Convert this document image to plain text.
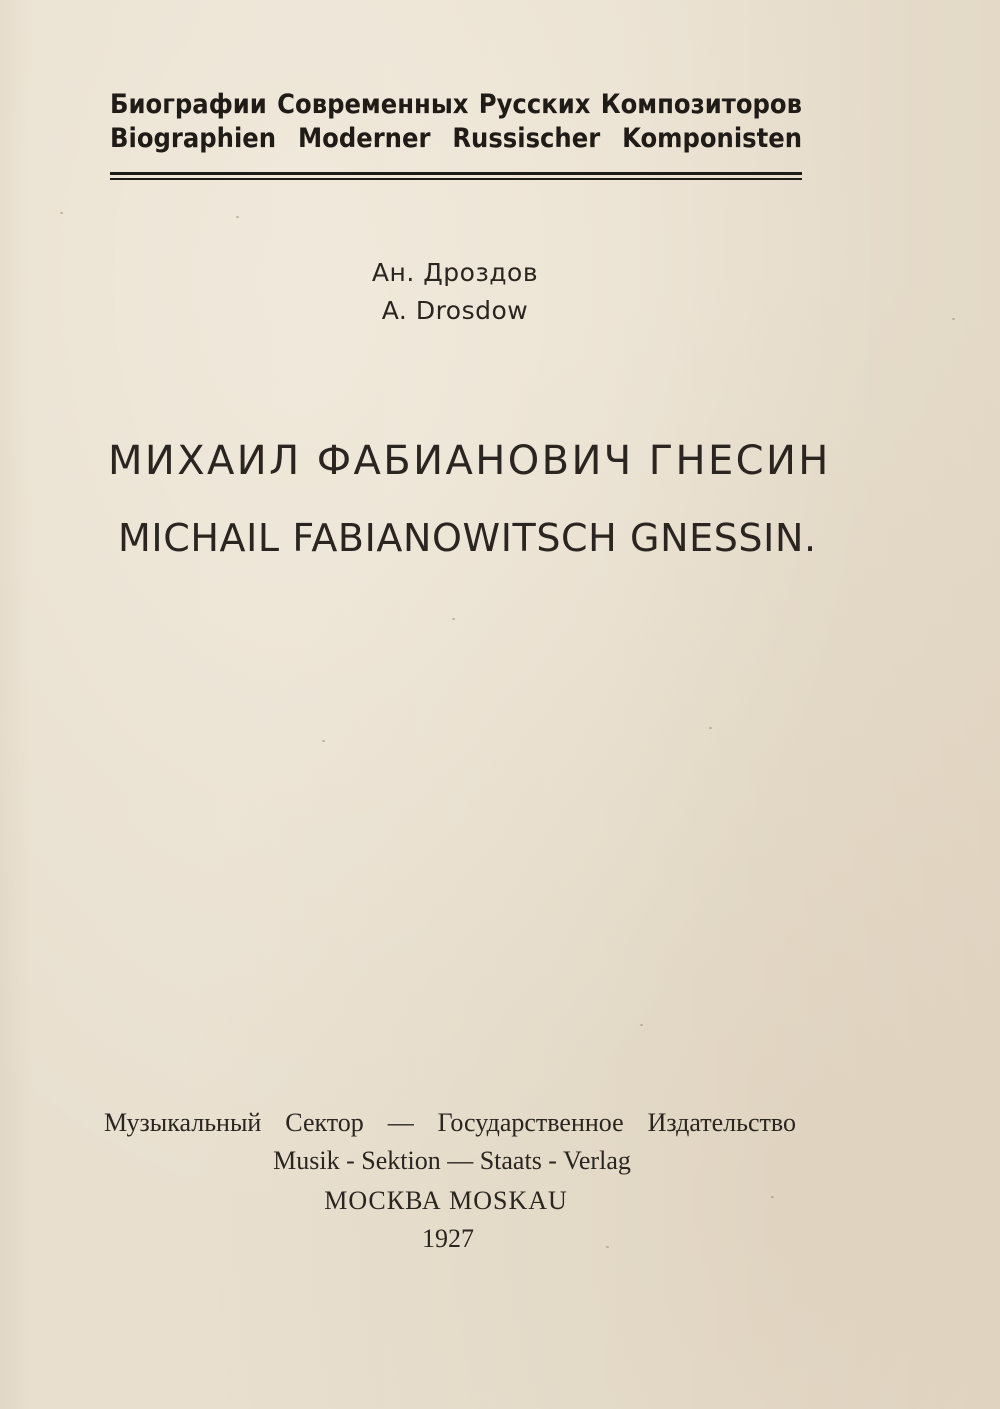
Биографии Современных Русских Композиторов
Biographien Moderner Russischer Komponisten
Ан. Дроздов
A. Drosdow
МИХАИЛ ФАБИАНОВИЧ ГНЕСИН
MICHAIL FABIANOWITSCH GNESSIN.
Музыкальный Сектор — Государственное Издательство
Musik - Sektion — Staats - Verlag
МОСКВА MOSKAU
1927
